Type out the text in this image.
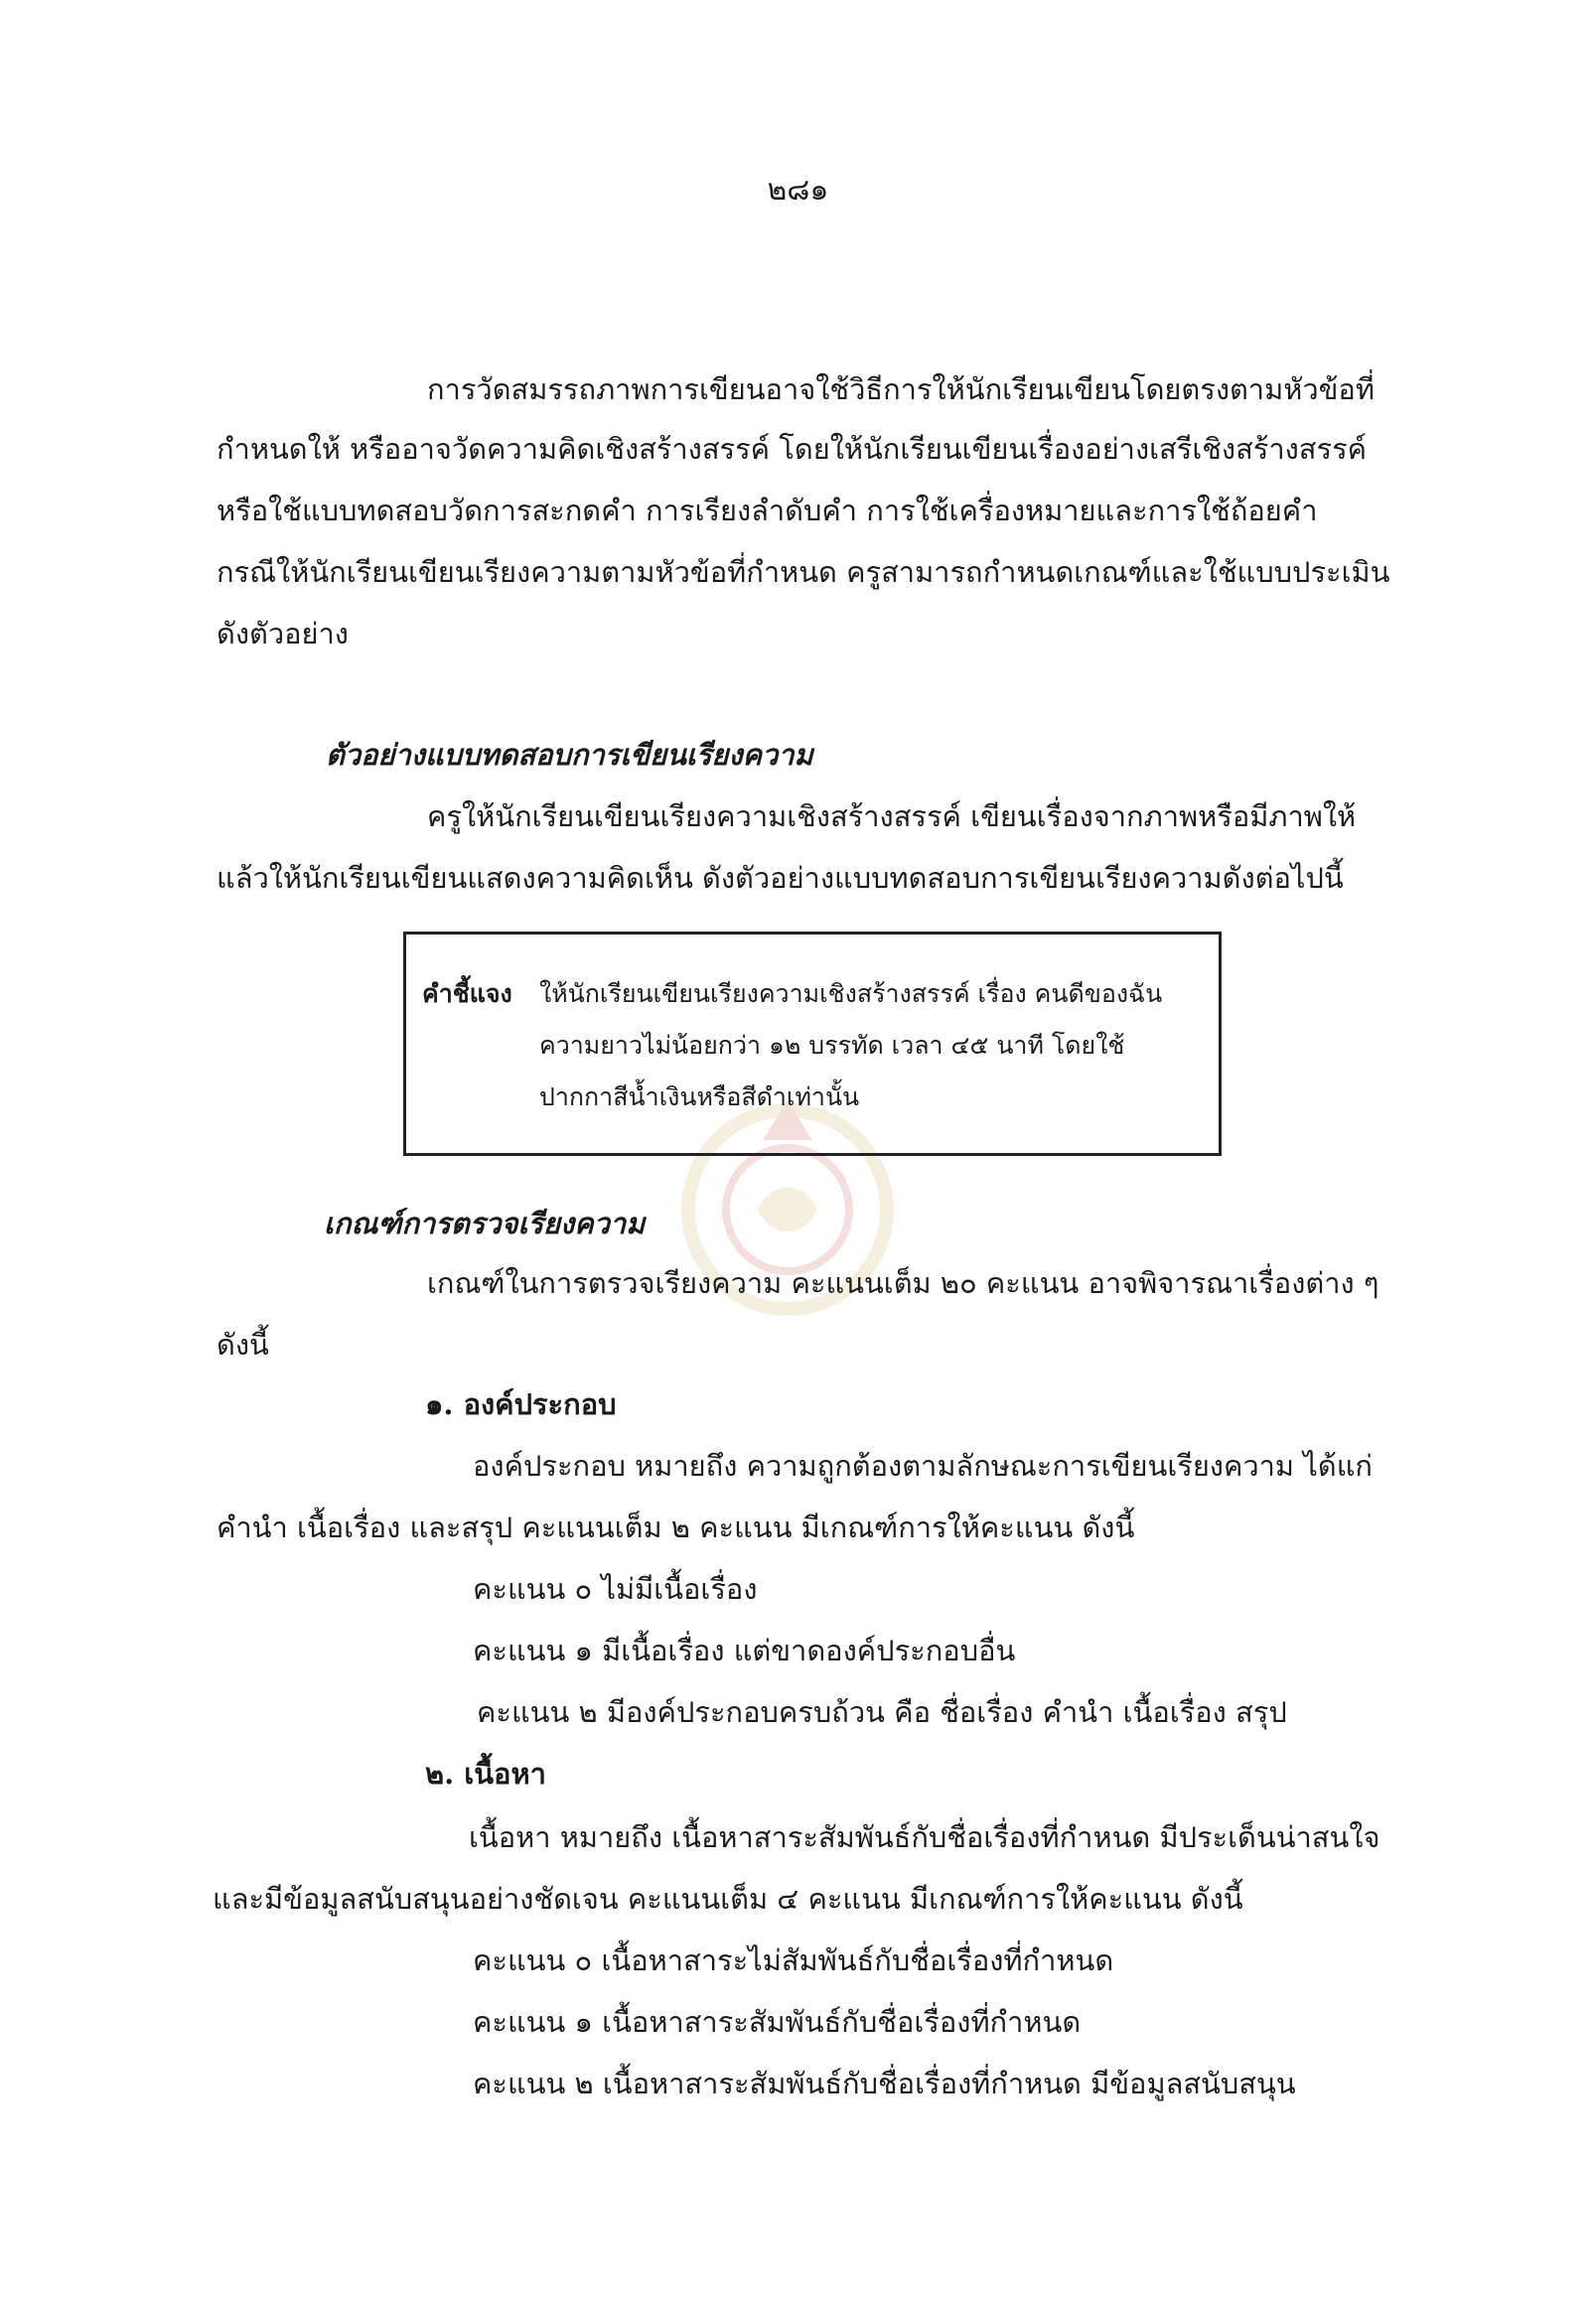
๒๘๑
การวัดสมรรถภาพการเขียนอาจใช้วิธีการให้นักเรียนเขียนโดยตรงตามหัวข้อที่
กำหนดให้ หรืออาจวัดความคิดเชิงสร้างสรรค์ โดยให้นักเรียนเขียนเรื่องอย่างเสรีเชิงสร้างสรรค์
หรือใช้แบบทดสอบวัดการสะกดคำ การเรียงลำดับคำ การใช้เครื่องหมายและการใช้ถ้อยคำ
กรณีให้นักเรียนเขียนเรียงความตามหัวข้อที่กำหนด ครูสามารถกำหนดเกณฑ์และใช้แบบประเมิน
ดังตัวอย่าง
ตัวอย่างแบบทดสอบการเขียนเรียงความ
ครูให้นักเรียนเขียนเรียงความเชิงสร้างสรรค์ เขียนเรื่องจากภาพหรือมีภาพให้
แล้วให้นักเรียนเขียนแสดงความคิดเห็น ดังตัวอย่างแบบทดสอบการเขียนเรียงความดังต่อไปนี้
คำชี้แจง ให้นักเรียนเขียนเรียงความเชิงสร้างสรรค์ เรื่อง คนดีของฉัน
ความยาวไม่น้อยกว่า ๑๒ บรรทัด เวลา ๔๕ นาที โดยใช้
ปากกาสีน้ำเงินหรือสีดำเท่านั้น
เกณฑ์การตรวจเรียงความ
เกณฑ์ในการตรวจเรียงความ คะแนนเต็ม ๒๐ คะแนน อาจพิจารณาเรื่องต่าง ๆ
ดังนี้
๑. องค์ประกอบ
องค์ประกอบ หมายถึง ความถูกต้องตามลักษณะการเขียนเรียงความ ได้แก่
คำนำ เนื้อเรื่อง และสรุป คะแนนเต็ม ๒ คะแนน มีเกณฑ์การให้คะแนน ดังนี้
คะแนน ๐ ไม่มีเนื้อเรื่อง
คะแนน ๑ มีเนื้อเรื่อง แต่ขาดองค์ประกอบอื่น
คะแนน ๒ มีองค์ประกอบครบถ้วน คือ ชื่อเรื่อง คำนำ เนื้อเรื่อง สรุป
๒. เนื้อหา
เนื้อหา หมายถึง เนื้อหาสาระสัมพันธ์กับชื่อเรื่องที่กำหนด มีประเด็นน่าสนใจ
และมีข้อมูลสนับสนุนอย่างชัดเจน คะแนนเต็ม ๔ คะแนน มีเกณฑ์การให้คะแนน ดังนี้
คะแนน ๐ เนื้อหาสาระไม่สัมพันธ์กับชื่อเรื่องที่กำหนด
คะแนน ๑ เนื้อหาสาระสัมพันธ์กับชื่อเรื่องที่กำหนด
คะแนน ๒ เนื้อหาสาระสัมพันธ์กับชื่อเรื่องที่กำหนด มีข้อมูลสนับสนุน
